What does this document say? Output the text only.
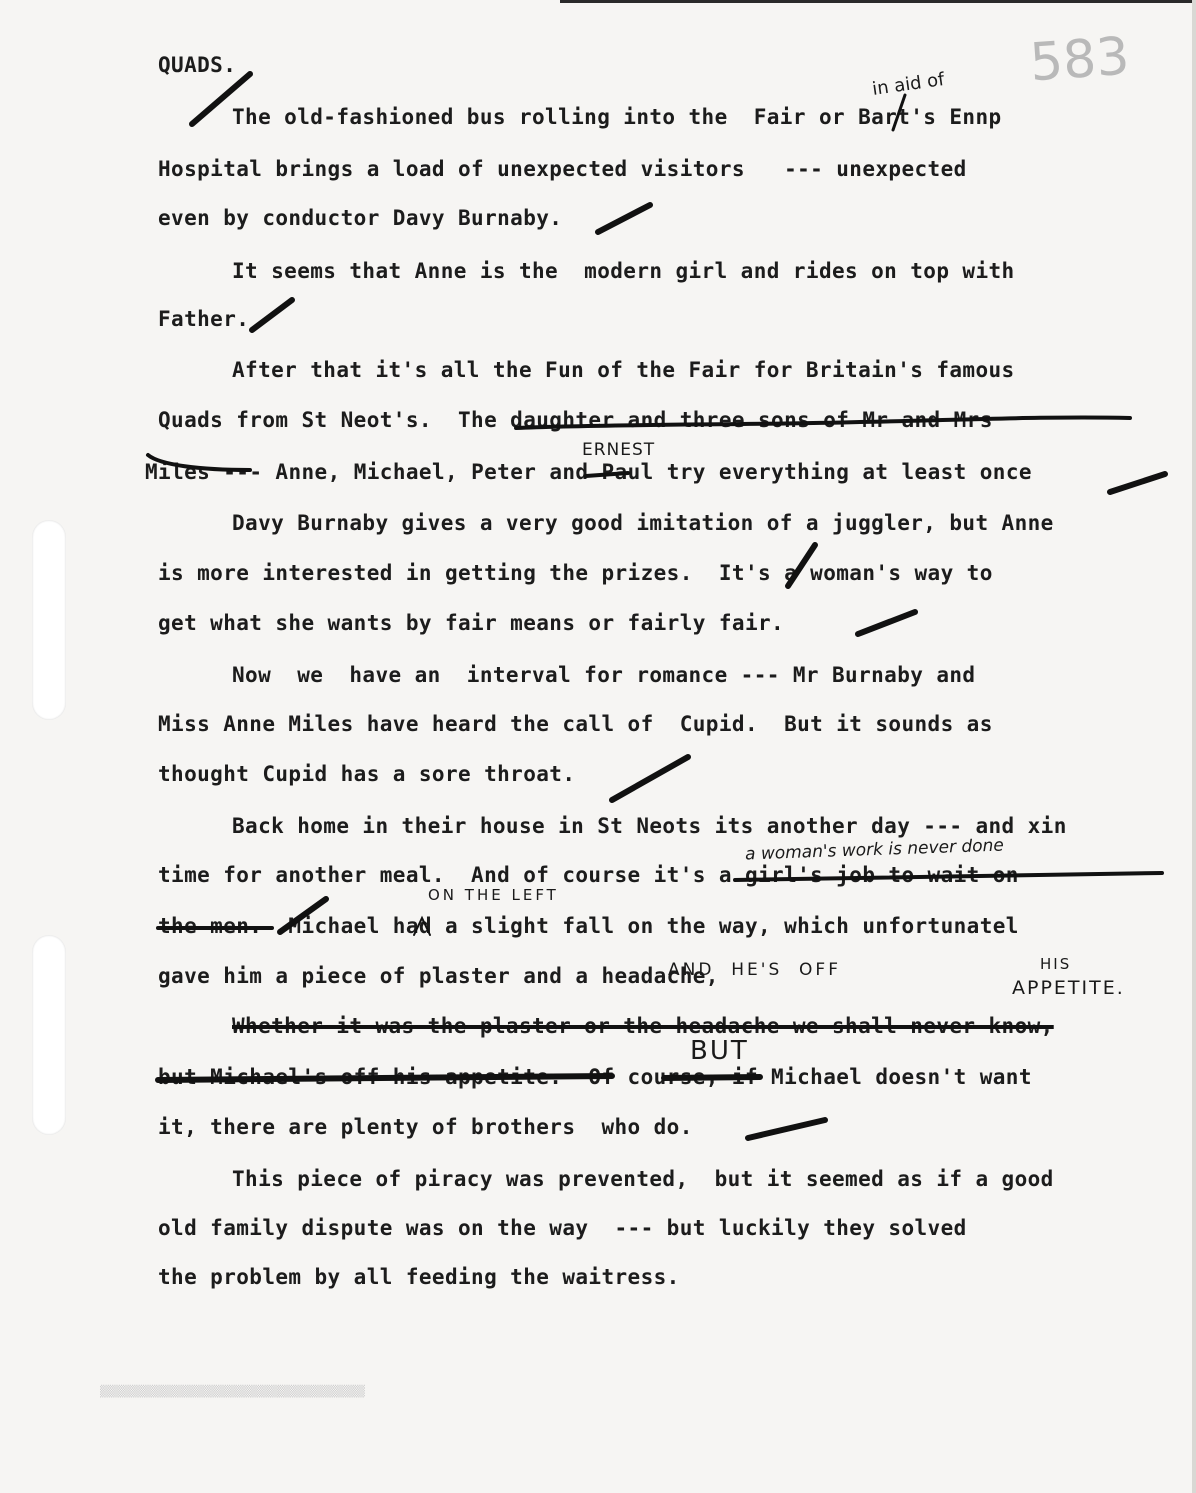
583
QUADS.
The old-fashioned bus rolling into the  Fair or Bart's Ennp
Hospital brings a load of unexpected visitors   --- unexpected
even by conductor Davy Burnaby.
It seems that Anne is the  modern girl and rides on top with
Father.
After that it's all the Fun of the Fair for Britain's famous
Quads from St Neot's.  The daughter and three sons of Mr and Mrs
Miles --- Anne, Michael, Peter and Paul try everything at least once
Davy Burnaby gives a very good imitation of a juggler, but Anne
is more interested in getting the prizes.  It's a woman's way to
get what she wants by fair means or fairly fair.
Now  we  have an  interval for romance --- Mr Burnaby and
Miss Anne Miles have heard the call of  Cupid.  But it sounds as
thought Cupid has a sore throat.
Back home in their house in St Neots its another day --- and xin
time for another meal.  And of course it's a girl's job to wait on
the men.  Michael had a slight fall on the way, which unfortunatel
gave him a piece of plaster and a headache,
Whether it was the plaster or the headache we shall never know,
but Michael's off his appetite.  Of course, if Michael doesn't want
it, there are plenty of brothers  who do.
This piece of piracy was prevented,  but it seemed as if a good
old family dispute was on the way  --- but luckily they solved
the problem by all feeding the waitress.
in aid of
ERNEST
a woman's work is never done
ON THE LEFT
AND  HE'S  OFF	HIS
APPETITE.
BUT
▒▒▒▒▒▒▒▒▒▒▒▒▒▒▒▒▒▒▒▒▒▒▒▒▒▒▒▒▒▒▒▒▒▒▒▒▒▒▒▒
